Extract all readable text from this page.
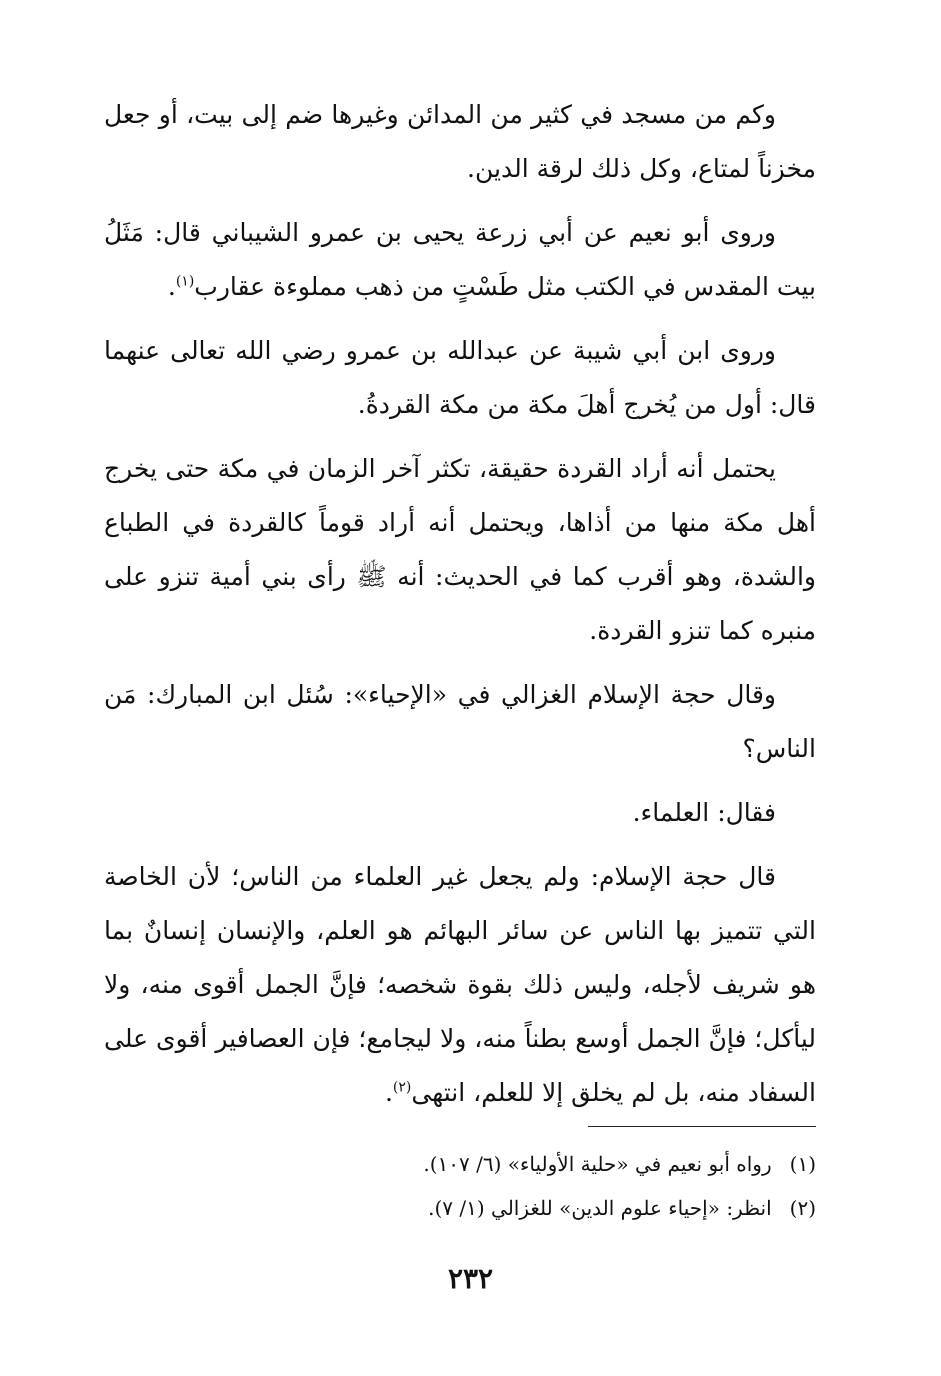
وكم من مسجد في كثير من المدائن وغيرها ضم إلى بيت، أو جعل مخزناً لمتاع، وكل ذلك لرقة الدين.

وروى أبو نعيم عن أبي زرعة يحيى بن عمرو الشيباني قال: مَثَلُ بيت المقدس في الكتب مثل طَسْتٍ من ذهب مملوءة عقارب$^{(١)}$.

وروى ابن أبي شيبة عن عبدالله بن عمرو رضي الله تعالى عنهما قال: أول من يُخرج أهلَ مكة من مكة القردةُ.

يحتمل أنه أراد القردة حقيقة، تكثر آخر الزمان في مكة حتى يخرج أهل مكة منها من أذاها، ويحتمل أنه أراد قوماً كالقردة في الطباع والشدة، وهو أقرب كما في الحديث: أنه ﷺ رأى بني أمية تنزو على منبره كما تنزو القردة.

وقال حجة الإسلام الغزالي في «الإحياء»: سُئل ابن المبارك: مَن الناس؟

فقال: العلماء.

قال حجة الإسلام: ولم يجعل غير العلماء من الناس؛ لأن الخاصة التي تتميز بها الناس عن سائر البهائم هو العلم، والإنسان إنسانٌ بما هو شريف لأجله، وليس ذلك بقوة شخصه؛ فإنَّ الجمل أقوى منه، ولا ليأكل؛ فإنَّ الجمل أوسع بطناً منه، ولا ليجامع؛ فإن العصافير أقوى على السفاد منه، بل لم يخلق إلا للعلم، انتهى$^{(٢)}$.

(١)
رواه أبو نعيم في «حلية الأولياء» (٦/ ١٠٧).

(٢)
انظر: «إحياء علوم الدين» للغزالي (١/ ٧).

٢٣٢
